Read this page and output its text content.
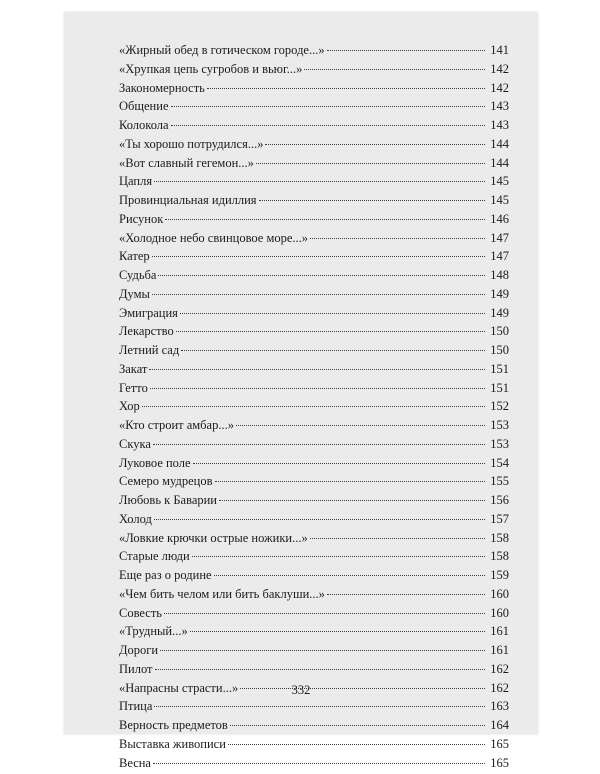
«Жирный обед в готическом городе...»	141
«Хрупкая цепь сугробов и вьюг...»	142
Закономерность	142
Общение	143
Колокола	143
«Ты хорошо потрудился...»	144
«Вот славный гегемон...»	144
Цапля	145
Провинциальная идиллия	145
Рисунок	146
«Холодное небо свинцовое море...»	147
Катер	147
Судьба	148
Думы	149
Эмиграция	149
Лекарство	150
Летний сад	150
Закат	151
Гетто	151
Хор	152
«Кто строит амбар...»	153
Скука	153
Луковое поле	154
Семеро мудрецов	155
Любовь к Баварии	156
Холод	157
«Ловкие крючки острые ножики...»	158
Старые люди	158
Еще раз о родине	159
«Чем бить челом или бить баклуши...»	160
Совесть	160
«Трудный...»	161
Дороги	161
Пилот	162
«Напрасны страсти...»	162
Птица	163
Верность предметов	164
Выставка живописи	165
Весна	165
332
